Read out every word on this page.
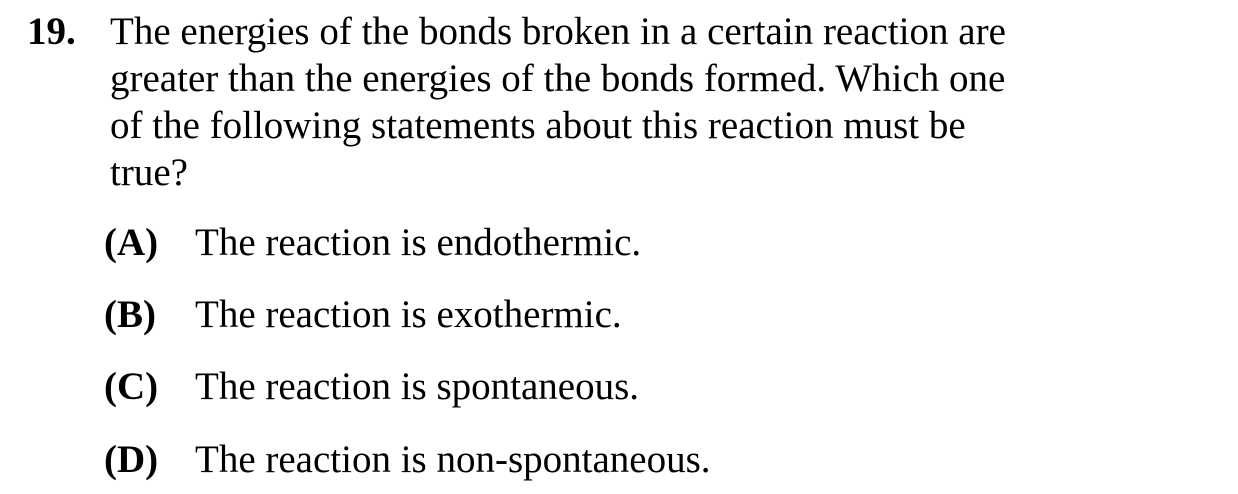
19. The energies of the bonds broken in a certain reaction are
greater than the energies of the bonds formed. Which one
of the following statements about this reaction must be
true?
(A) The reaction is endothermic.
(B) The reaction is exothermic.
(C) The reaction is spontaneous.
(D) The reaction is non-spontaneous.
